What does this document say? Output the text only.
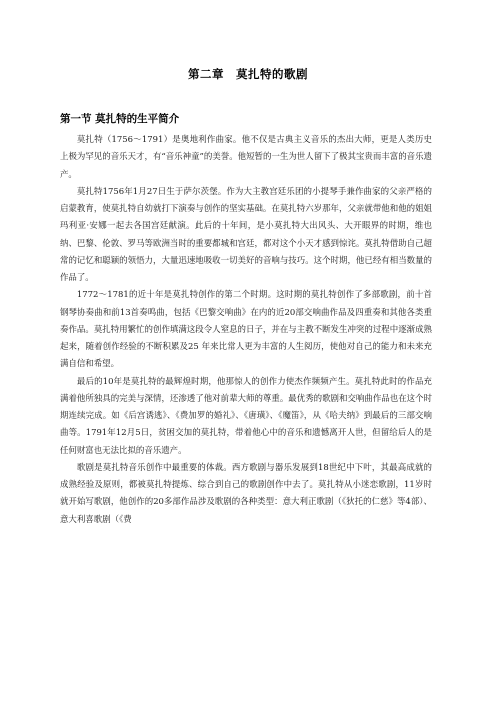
第二章　莫扎特的歌剧
第一节 莫扎特的生平简介

莫扎特（1756～1791）是奥地利作曲家。他不仅是古典主义音乐的杰出大师，更是人类历史上极为罕见的音乐天才，有“音乐神童”的美誉。他短暂的一生为世人留下了极其宝贵而丰富的音乐遗产。

莫扎特1756年1月27日生于萨尔茨堡。作为大主教宫廷乐团的小提琴手兼作曲家的父亲严格的启蒙教育，使莫扎特自幼就打下演奏与创作的坚实基础。在莫扎特六岁那年，父亲就带他和他的姐姐玛利亚·安娜一起去各国宫廷献演。此后的十年间，是小莫扎特大出风头、大开眼界的时期，维也纳、巴黎、伦敦、罗马等欧洲当时的重要都城和宫廷，都对这个小天才感到惊诧。莫扎特借助自己超常的记忆和聪颖的领悟力，大量迅速地吸收一切美好的音响与技巧。这个时期，他已经有相当数量的作品了。

1772～1781的近十年是莫扎特创作的第二个时期。这时期的莫扎特创作了多部歌剧，前十首钢琴协奏曲和前13首奏鸣曲，包括《巴黎交响曲》在内的近20部交响曲作品及四重奏和其他各类重奏作品。莫扎特用繁忙的创作填满这段令人窒息的日子，并在与主教不断发生冲突的过程中逐渐成熟起来，随着创作经验的不断积累及25 年来比常人更为丰富的人生阅历，使他对自己的能力和未来充满自信和希望。

最后的10年是莫扎特的最辉煌时期，他那惊人的创作力使杰作频频产生。莫扎特此时的作品充满着他所独具的完美与深情，还渗透了他对前辈大师的尊重。最优秀的歌剧和交响曲作品也在这个时期连续完成。如《后宫诱逃》、《费加罗的婚礼》、《唐璜》、《魔笛》，从《哈夫纳》到最后的三部交响曲等。1791年12月5日，贫困交加的莫扎特，带着他心中的音乐和遗憾离开人世，但留给后人的是任何财富也无法比拟的音乐遗产。

歌剧是莫扎特音乐创作中最重要的体裁。西方歌剧与器乐发展到18世纪中下叶，其最高成就的成熟经验及原则，都被莫扎特提炼、综合到自己的歌剧创作中去了。莫扎特从小迷恋歌剧，11岁时就开始写歌剧，他创作的20多部作品涉及歌剧的各种类型：意大利正歌剧（《狄托的仁慈》等4部）、意大利喜歌剧（《费
